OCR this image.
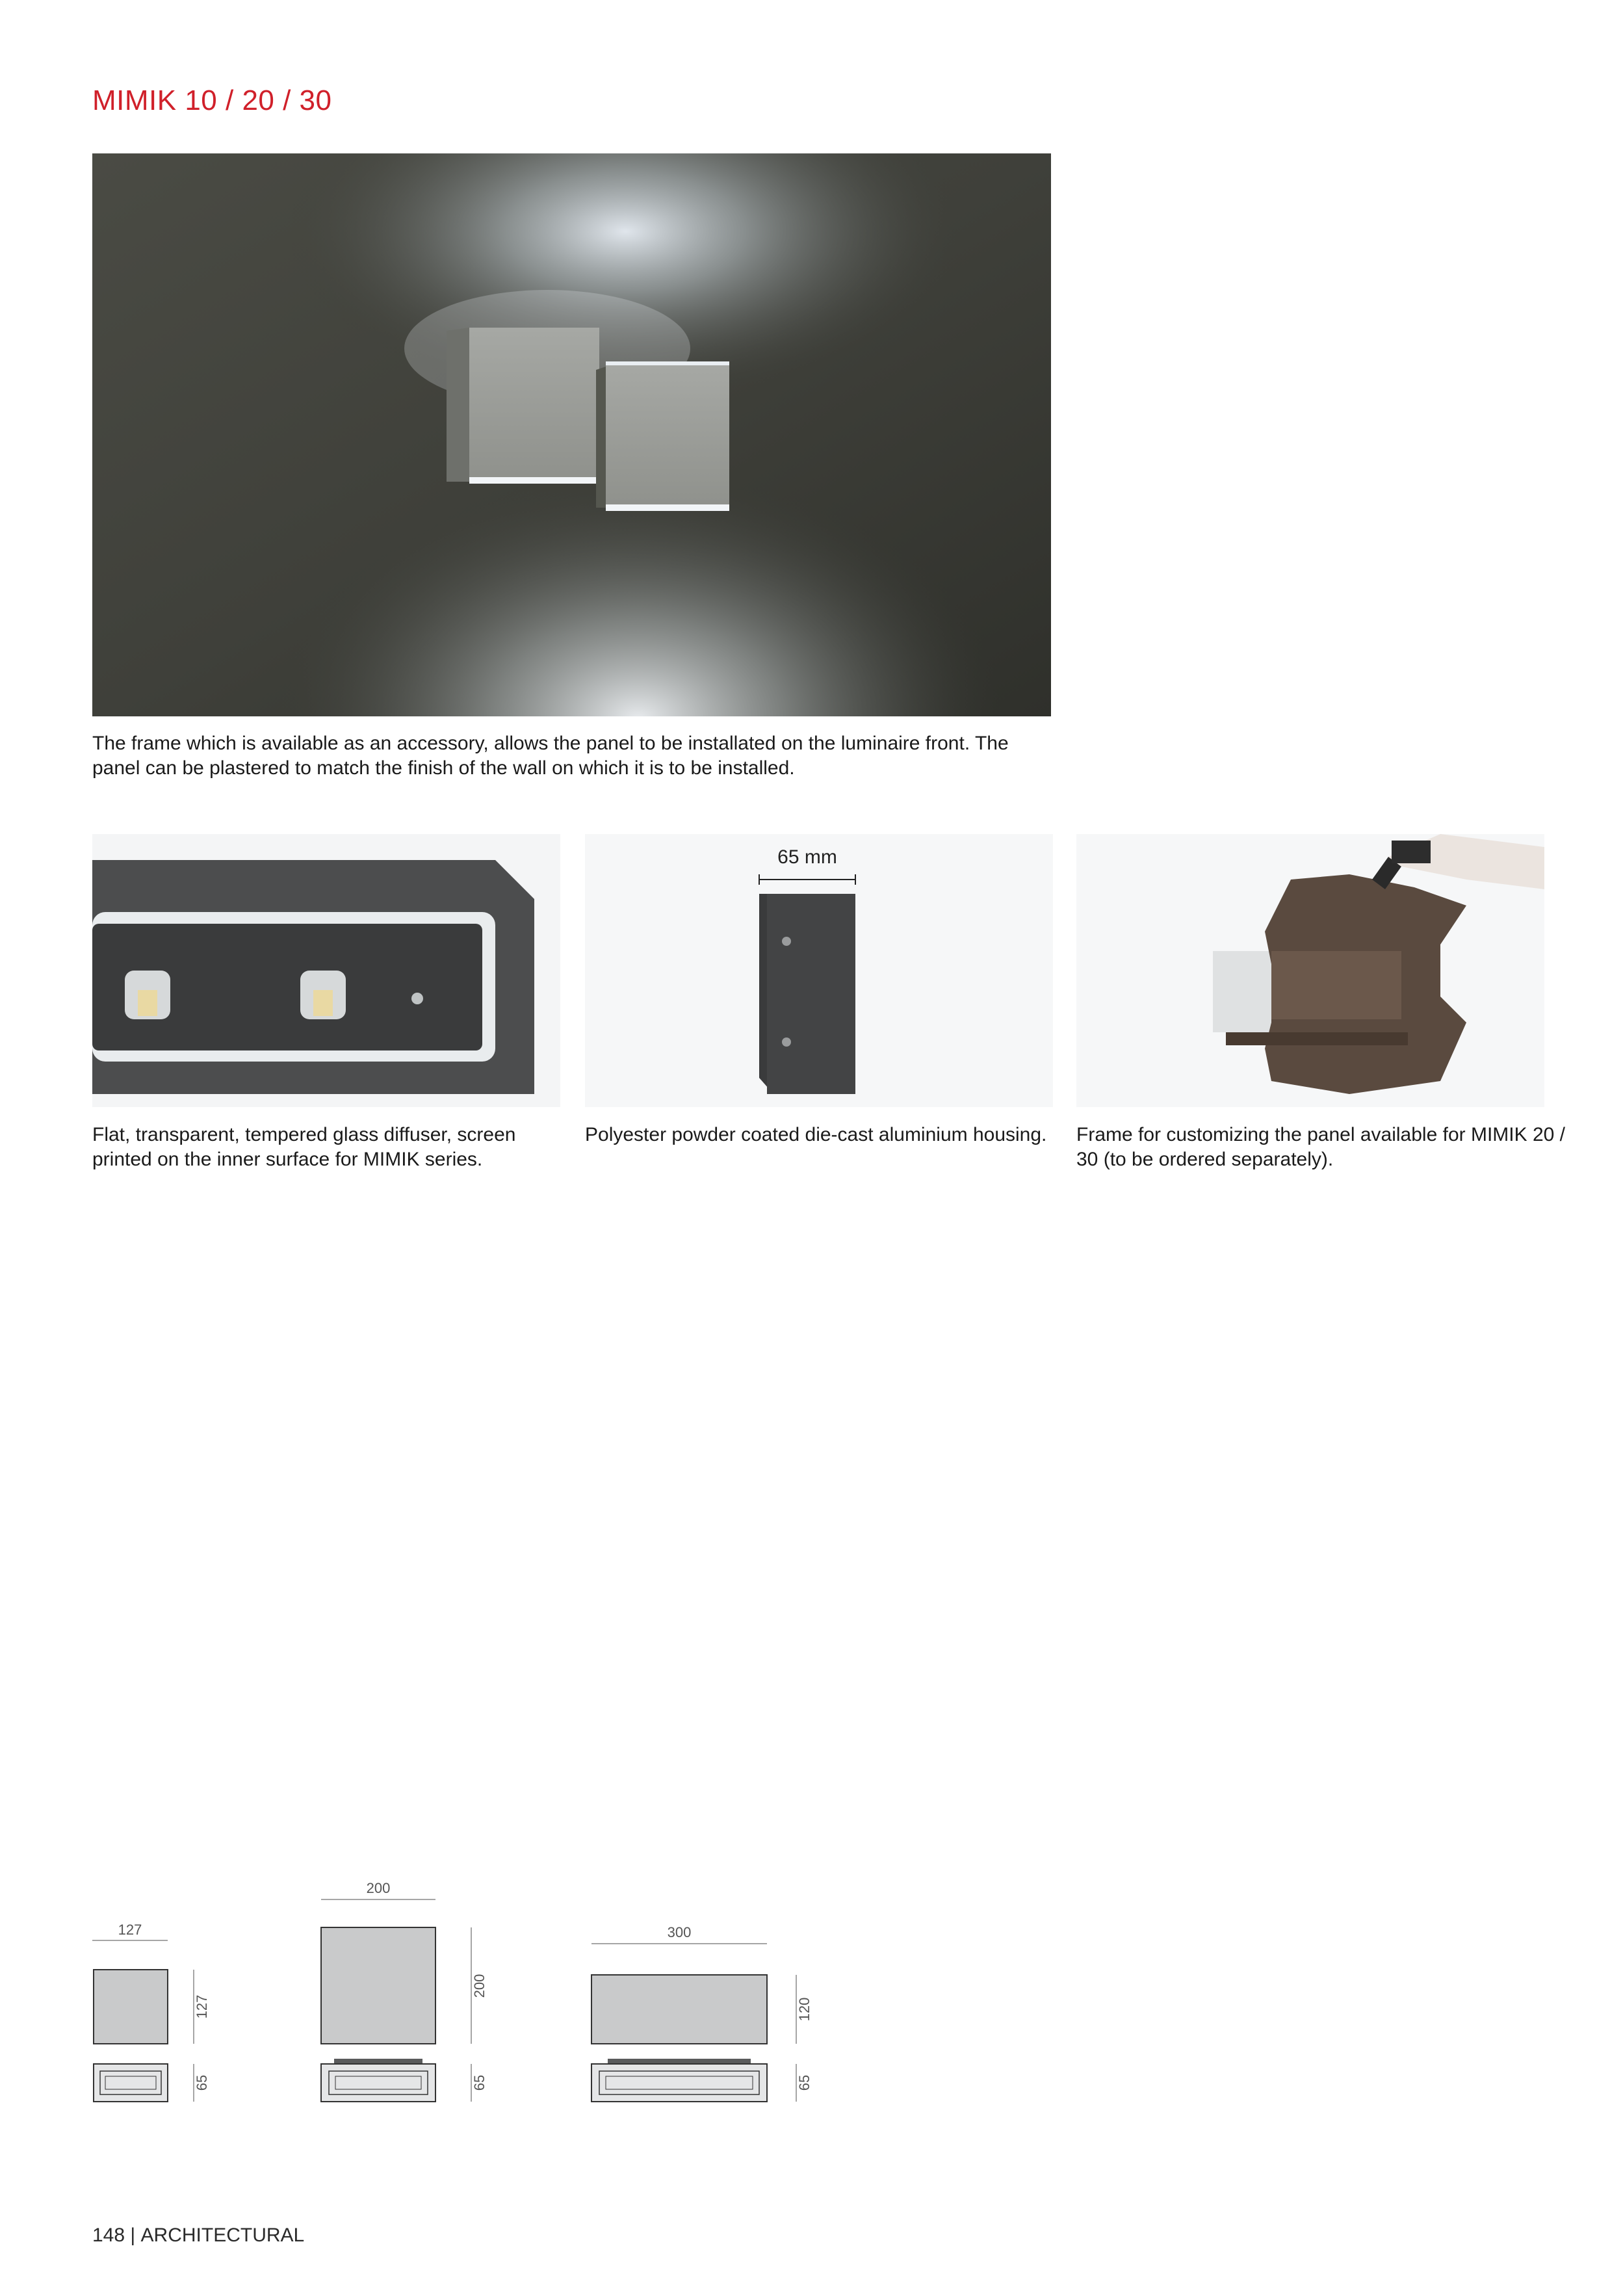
MIMIK 10 / 20 / 30
The frame which is available as an accessory, allows the panel to be installated on the luminaire front. The panel can be plastered to match the finish of the wall on which it is to be installed.
65 mm
Flat, transparent, tempered glass diffuser, screen printed on the inner surface for MIMIK series.
Polyester powder coated die-cast aluminium housing.	Frame for customizing the panel available for MIMIK 20 / 30 (to be ordered separately).
127
127
65
200
200
65
300
120
65
148 | ARCHITECTURAL
